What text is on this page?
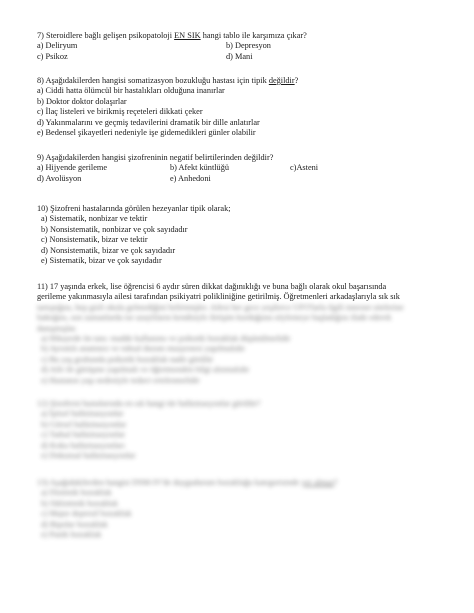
7) Steroidlere bağlı gelişen psikopatoloji EN SIK hangi tablo ile karşımıza çıkar?
a) Deliryum	b) Depresyon
c) Psikoz	d) Mani
8) Aşağıdakilerden hangisi somatizasyon bozukluğu hastası için tipik değildir?
a) Ciddi hatta ölümcül bir hastalıkları olduğuna inanırlar
b) Doktor doktor dolaşırlar
c) İlaç listeleri ve birikmiş reçeteleri dikkati çeker
d) Yakınmalarını ve geçmiş tedavilerini dramatik bir dille anlatırlar
e) Bedensel şikayetleri nedeniyle işe gidemedikleri günler olabilir
9) Aşağıdakilerden hangisi şizofreninin negatif belirtilerinden değildir?
a) Hijyende gerileme	b) Afekt küntlüğü	c)Asteni
d) Avolüsyon	e) Anhedoni
10) Şizofreni hastalarında görülen hezeyanlar tipik olarak;
a) Sistematik, nonbizar ve tektir
b) Nonsistematik, nonbizar ve çok sayıdadır
c) Nonsistematik, bizar ve tektir
d) Nonsistematik, bizar ve çok sayıdadır
e) Sistematik, bizar ve çok sayıdadır
11) 17 yaşında erkek, lise öğrencisi 6 aydır süren dikkat dağınıklığı ve buna bağlı olarak okul başarısında
gerileme yakınmasıyla ailesi tarafından psikiyatri polikliniğine getirilmiş. Öğretmenleri arkadaşlarıyla sık sık
tartıştığını, hep gizli okula gelmediğini belirtmişler. Ailesi her gece yeşilerce UFO'larla ilgili internet sitelerine
baktığını, son zamanlarda ise uzaylıların kendisiyle iletişim kurduğunu söylemeye başladığını ifade ederek
danışmışlar.
a) Hikayede ön tanı: madde kullanımı ve psikotik bozukluk düşünülmelidir
b) Ayrıntılı anamnez ve ruhsal durum muayenesi yapılmalıdır
c) Bu yaş grubunda psikotik bozukluk nadir görülür
d) Aile ile görüşme yapılmalı ve öğretmenden bilgi alınmalıdır
e) Hastanın yaşı nedeniyle tedavi ertelenmelidir
12) Şizofreni hastalarında en sık hangi tür halüsinasyonlar görülür?
a) İşitsel halüsinasyonlar
b) Görsel halüsinasyonlar
c) Tadsal halüsinasyonlar
d) Koku halüsinasyonları
e) Dokunsal halüsinasyonlar
13) Aşağıdakilerden hangisi DSM-IV'de duygudurum bozukluğu kategorisinde yer almaz?
a) Distimik bozukluk
b) Siklotimik bozukluk
c) Major depresif bozukluk
d) Bipolar bozukluk
e) Panik bozukluk
